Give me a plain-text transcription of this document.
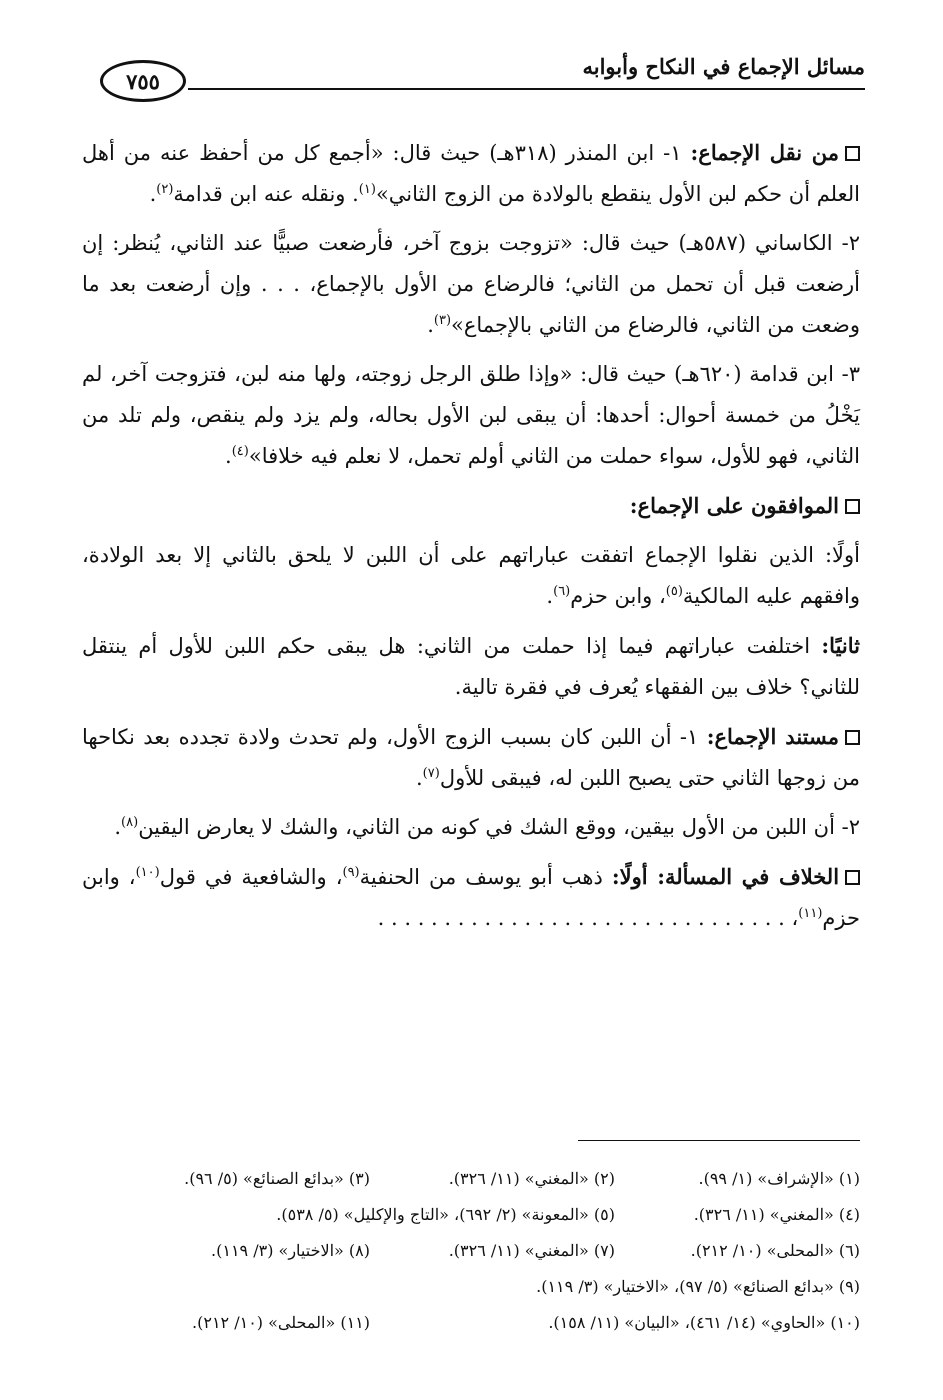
مسائل الإجماع في النكاح وأبوابه
٧٥٥

من نقل الإجماع: ١- ابن المنذر (٣١٨هـ) حيث قال: «أجمع كل من أحفظ عنه من أهل العلم أن حكم لبن الأول ينقطع بالولادة من الزوج الثاني»$^{(١)}$. ونقله عنه ابن قدامة$^{(٢)}$.

٢- الكاساني (٥٨٧هـ) حيث قال: «تزوجت بزوج آخر، فأرضعت صبيًّا عند الثاني، يُنظر: إن أرضعت قبل أن تحمل من الثاني؛ فالرضاع من الأول بالإجماع، . . . وإن أرضعت بعد ما وضعت من الثاني، فالرضاع من الثاني بالإجماع»$^{(٣)}$.

٣- ابن قدامة (٦٢٠هـ) حيث قال: «وإذا طلق الرجل زوجته، ولها منه لبن، فتزوجت آخر، لم يَخْلُ من خمسة أحوال: أحدها: أن يبقى لبن الأول بحاله، ولم يزد ولم ينقص، ولم تلد من الثاني، فهو للأول، سواء حملت من الثاني أولم تحمل، لا نعلم فيه خلافا»$^{(٤)}$.

الموافقون على الإجماع:

أولًا: الذين نقلوا الإجماع اتفقت عباراتهم على أن اللبن لا يلحق بالثاني إلا بعد الولادة، وافقهم عليه المالكية$^{(٥)}$، وابن حزم$^{(٦)}$.

ثانيًا: اختلفت عباراتهم فيما إذا حملت من الثاني: هل يبقى حكم اللبن للأول أم ينتقل للثاني؟ خلاف بين الفقهاء يُعرف في فقرة تالية.

مستند الإجماع: ١- أن اللبن كان بسبب الزوج الأول، ولم تحدث ولادة تجدده بعد نكاحها من زوجها الثاني حتى يصبح اللبن له، فيبقى للأول$^{(٧)}$.

٢- أن اللبن من الأول بيقين، ووقع الشك في كونه من الثاني، والشك لا يعارض اليقين$^{(٨)}$.

الخلاف في المسألة: أولًا: ذهب أبو يوسف من الحنفية$^{(٩)}$، والشافعية في قول$^{(١٠)}$، وابن حزم$^{(١١)}$، . . . . . . . . . . . . . . . . . . . . . . . . . . . . . . .

(١) «الإشراف» (١/ ٩٩).
(٢) «المغني» (١١/ ٣٢٦).
(٣) «بدائع الصنائع» (٥/ ٩٦).
(٤) «المغني» (١١/ ٣٢٦).
(٥) «المعونة» (٢/ ٦٩٢)، «التاج والإكليل» (٥/ ٥٣٨).
(٦) «المحلى» (١٠/ ٢١٢).
(٧) «المغني» (١١/ ٣٢٦).
(٨) «الاختيار» (٣/ ١١٩).
(٩) «بدائع الصنائع» (٥/ ٩٧)، «الاختيار» (٣/ ١١٩).
(١٠) «الحاوي» (١٤/ ٤٦١)، «البيان» (١١/ ١٥٨).
(١١) «المحلى» (١٠/ ٢١٢).
